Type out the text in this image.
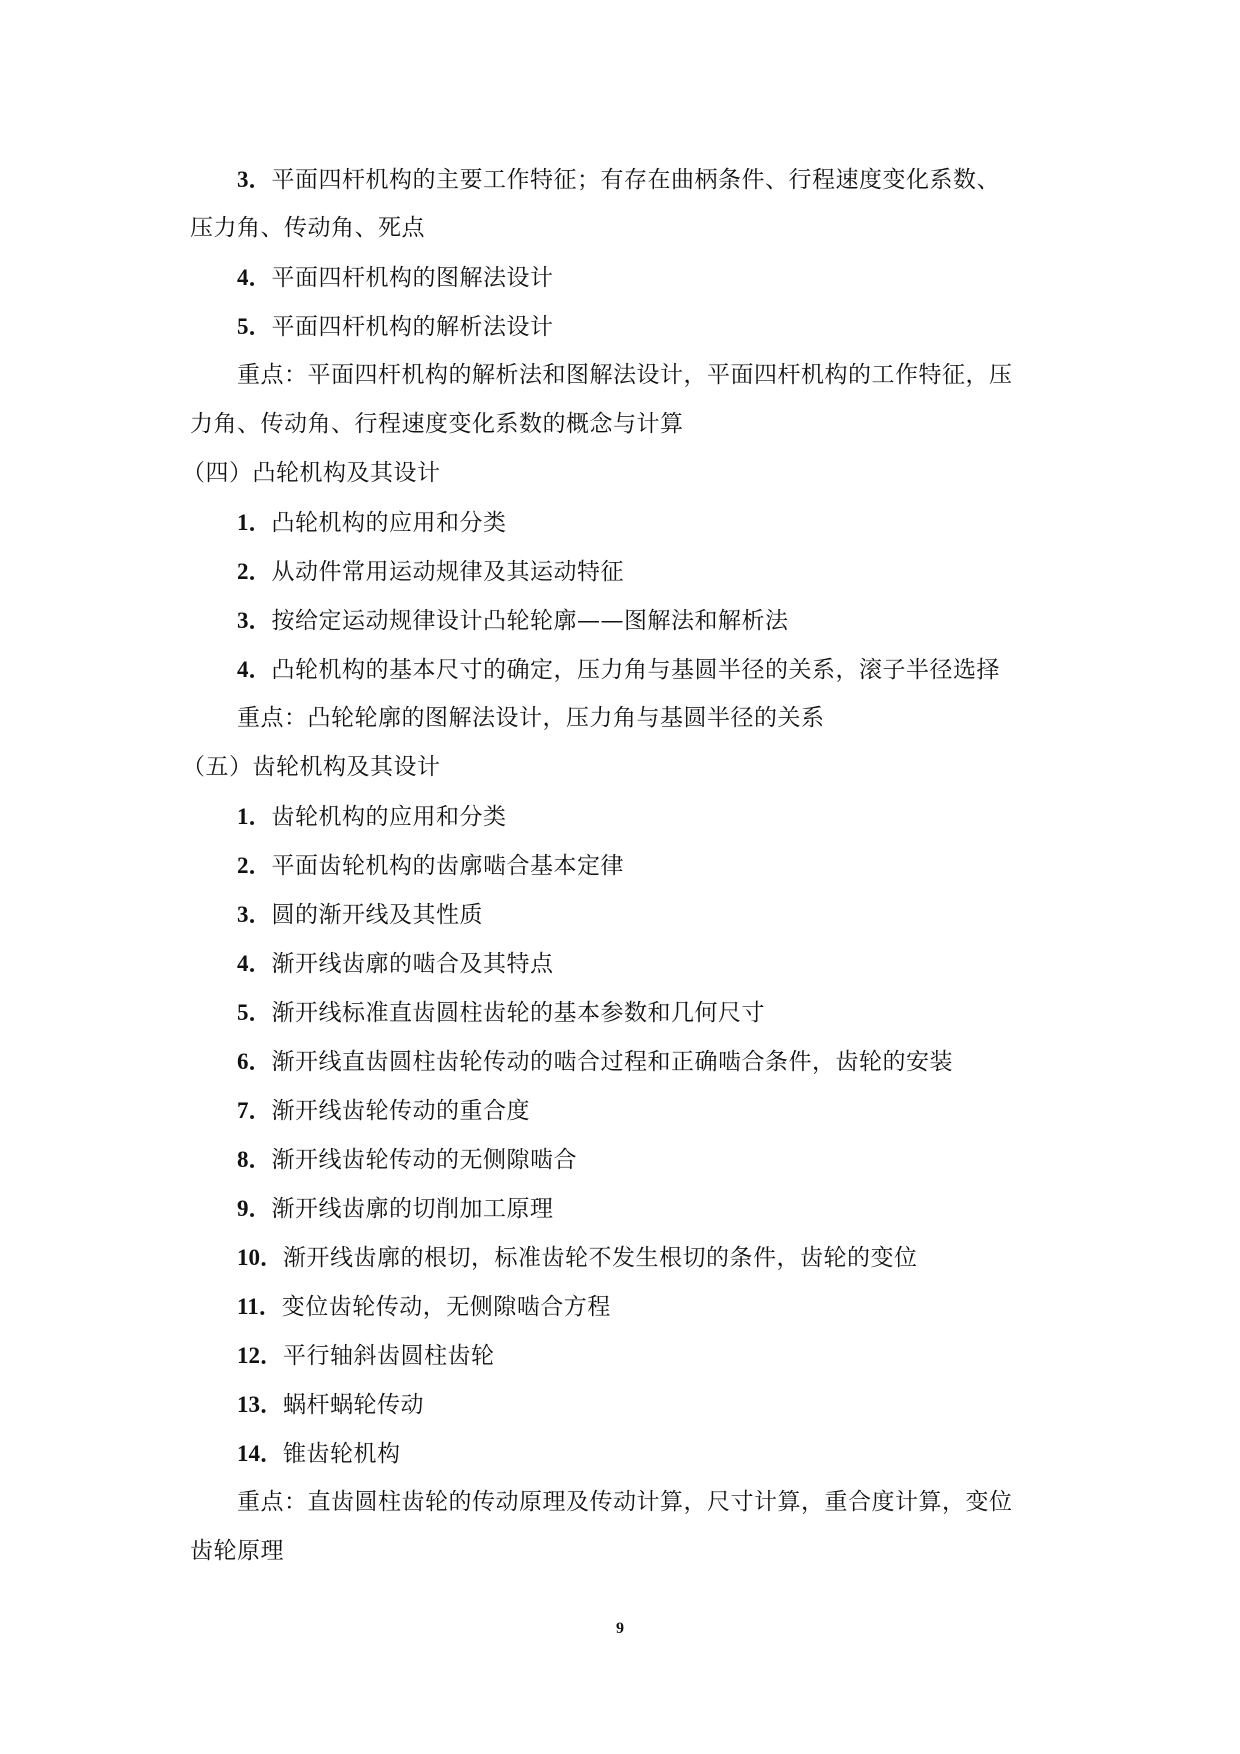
3．平面四杆机构的主要工作特征；有存在曲柄条件、行程速度变化系数、
压力角、传动角、死点
4．平面四杆机构的图解法设计
5．平面四杆机构的解析法设计
重点：平面四杆机构的解析法和图解法设计，平面四杆机构的工作特征，压
力角、传动角、行程速度变化系数的概念与计算
（四）凸轮机构及其设计
1．凸轮机构的应用和分类
2．从动件常用运动规律及其运动特征
3．按给定运动规律设计凸轮轮廓——图解法和解析法
4．凸轮机构的基本尺寸的确定，压力角与基圆半径的关系，滚子半径选择
重点：凸轮轮廓的图解法设计，压力角与基圆半径的关系
（五）齿轮机构及其设计
1．齿轮机构的应用和分类
2．平面齿轮机构的齿廓啮合基本定律
3．圆的渐开线及其性质
4．渐开线齿廓的啮合及其特点
5．渐开线标准直齿圆柱齿轮的基本参数和几何尺寸
6．渐开线直齿圆柱齿轮传动的啮合过程和正确啮合条件，齿轮的安装
7．渐开线齿轮传动的重合度
8．渐开线齿轮传动的无侧隙啮合
9．渐开线齿廓的切削加工原理
10．渐开线齿廓的根切，标准齿轮不发生根切的条件，齿轮的变位
11．变位齿轮传动，无侧隙啮合方程
12．平行轴斜齿圆柱齿轮
13．蜗杆蜗轮传动
14．锥齿轮机构
重点：直齿圆柱齿轮的传动原理及传动计算，尺寸计算，重合度计算，变位
齿轮原理
9
